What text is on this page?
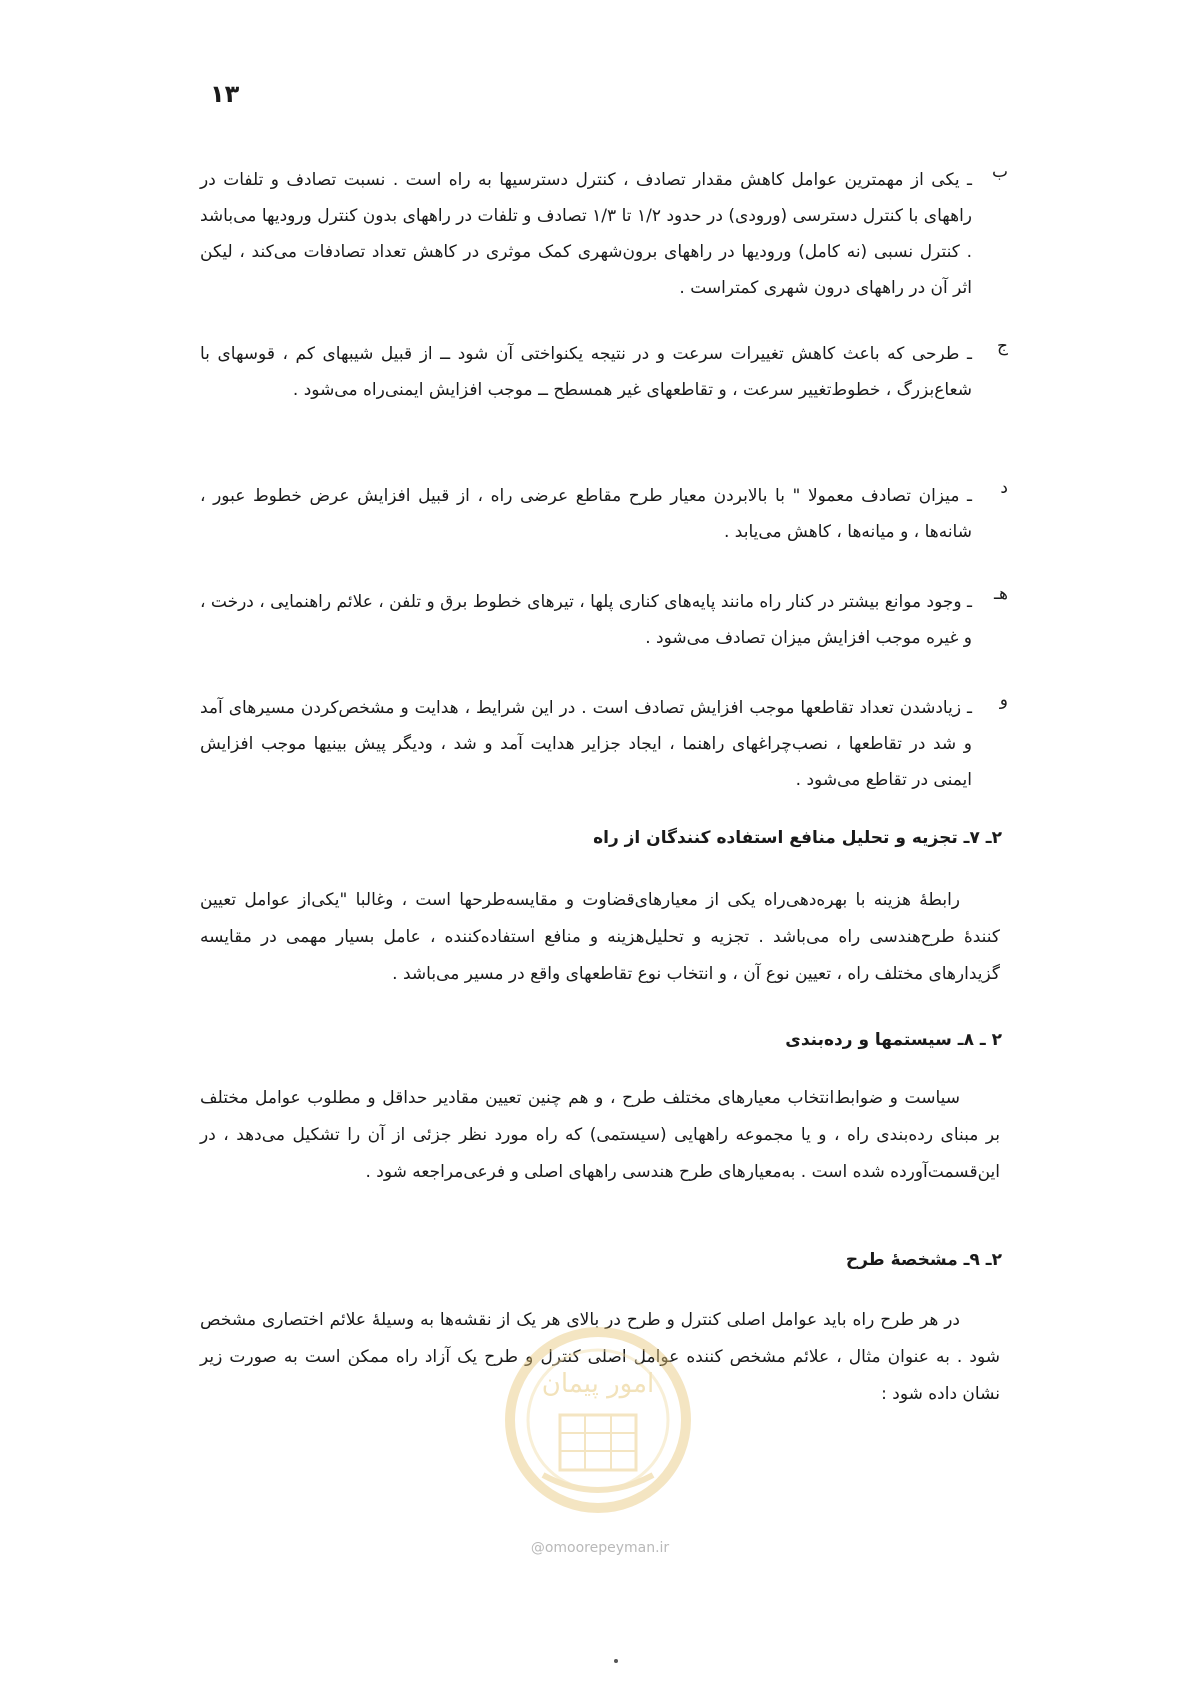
۱۳
ب
ـ یکی از مهمترین عوامل کاهش مقدار تصادف ، کنترل دسترسیها به راه است . نسبت تصادف و تلفات در راههای با کنترل دسترسی (ورودی) در حدود ۱/۲ تا ۱/۳ تصادف و تلفات در راههای بدون کنترل ورودیها می‌باشد . کنترل نسبی (نه کامل) ورودیها در راههای برون‌شهری کمک موثری در کاهش تعداد تصادفات می‌کند ، لیکن اثر آن در راههای درون شهری کمتراست .
ج
ـ طرحی که باعث کاهش تغییرات سرعت و در نتیجه یکنواختی آن شود ــ از قبیل شیبهای کم ، قوسهای با شعاع‌بزرگ ، خطوط‌تغییر سرعت ، و تقاطعهای غیر همسطح ــ موجب افزایش ایمنی‌راه می‌شود .
د
ـ میزان تصادف معمولا " با بالابردن معیار طرح مقاطع عرضی راه ، از قبیل افزایش عرض خطوط عبور ، شانه‌ها ، و میانه‌ها ، کاهش می‌یابد .
هـ
ـ وجود موانع بیشتر در کنار راه مانند پایه‌های کناری پلها ، تیرهای خطوط برق و تلفن ، علائم راهنمایی ، درخت ، و غیره موجب افزایش میزان تصادف می‌شود .
و
ـ زیادشدن تعداد تقاطعها موجب افزایش تصادف است . در این شرایط ، هدایت و مشخص‌کردن مسیرهای آمد و شد در تقاطعها ، نصب‌چراغهای راهنما ، ایجاد جزایر هدایت آمد و شد ، ودیگر پیش بینیها موجب افزایش ایمنی در تقاطع می‌شود .
۲ـ ۷ـ تجزیه و تحلیل منافع استفاده کنندگان از راه
رابطه‌ٔ هزینه با بهره‌دهی‌راه یکی از معیارهای‌قضاوت و مقایسه‌طرحها است ، وغالبا "یکی‌از عوامل تعیین کننده‌ٔ طرح‌هندسی راه می‌باشد . تجزیه و تحلیل‌هزینه و منافع استفاده‌کننده ، عامل بسیار مهمی در مقایسه گزیدارهای مختلف راه ، تعیین نوع آن ، و انتخاب نوع تقاطعهای واقع در مسیر می‌باشد .
۲ ـ ۸ـ سیستمها و رده‌بندی
سیاست و ضوابط‌انتخاب معیارهای مختلف طرح ، و هم چنین تعیین مقادیر حداقل و مطلوب عوامل مختلف بر مبنای رده‌بندی راه ، و یا مجموعه راههایی (سیستمی) که راه مورد نظر جزئی از آن را تشکیل می‌دهد ، در این‌قسمت‌آورده شده است . به‌معیارهای طرح هندسی راههای اصلی و فرعی‌مراجعه شود .
۲ـ ۹ـ مشخصه‌ٔ طرح
در هر طرح راه باید عوامل اصلی کنترل و طرح در بالای هر یک از نقشه‌ها به وسیله‌ٔ علائم اختصاری مشخص شود . به عنوان مثال ، علائم مشخص کننده عوامل اصلی کنترل و طرح یک آزاد راه ممکن است به صورت زیر نشان داده شود :
امور پیمان
@omoorepeyman.ir
